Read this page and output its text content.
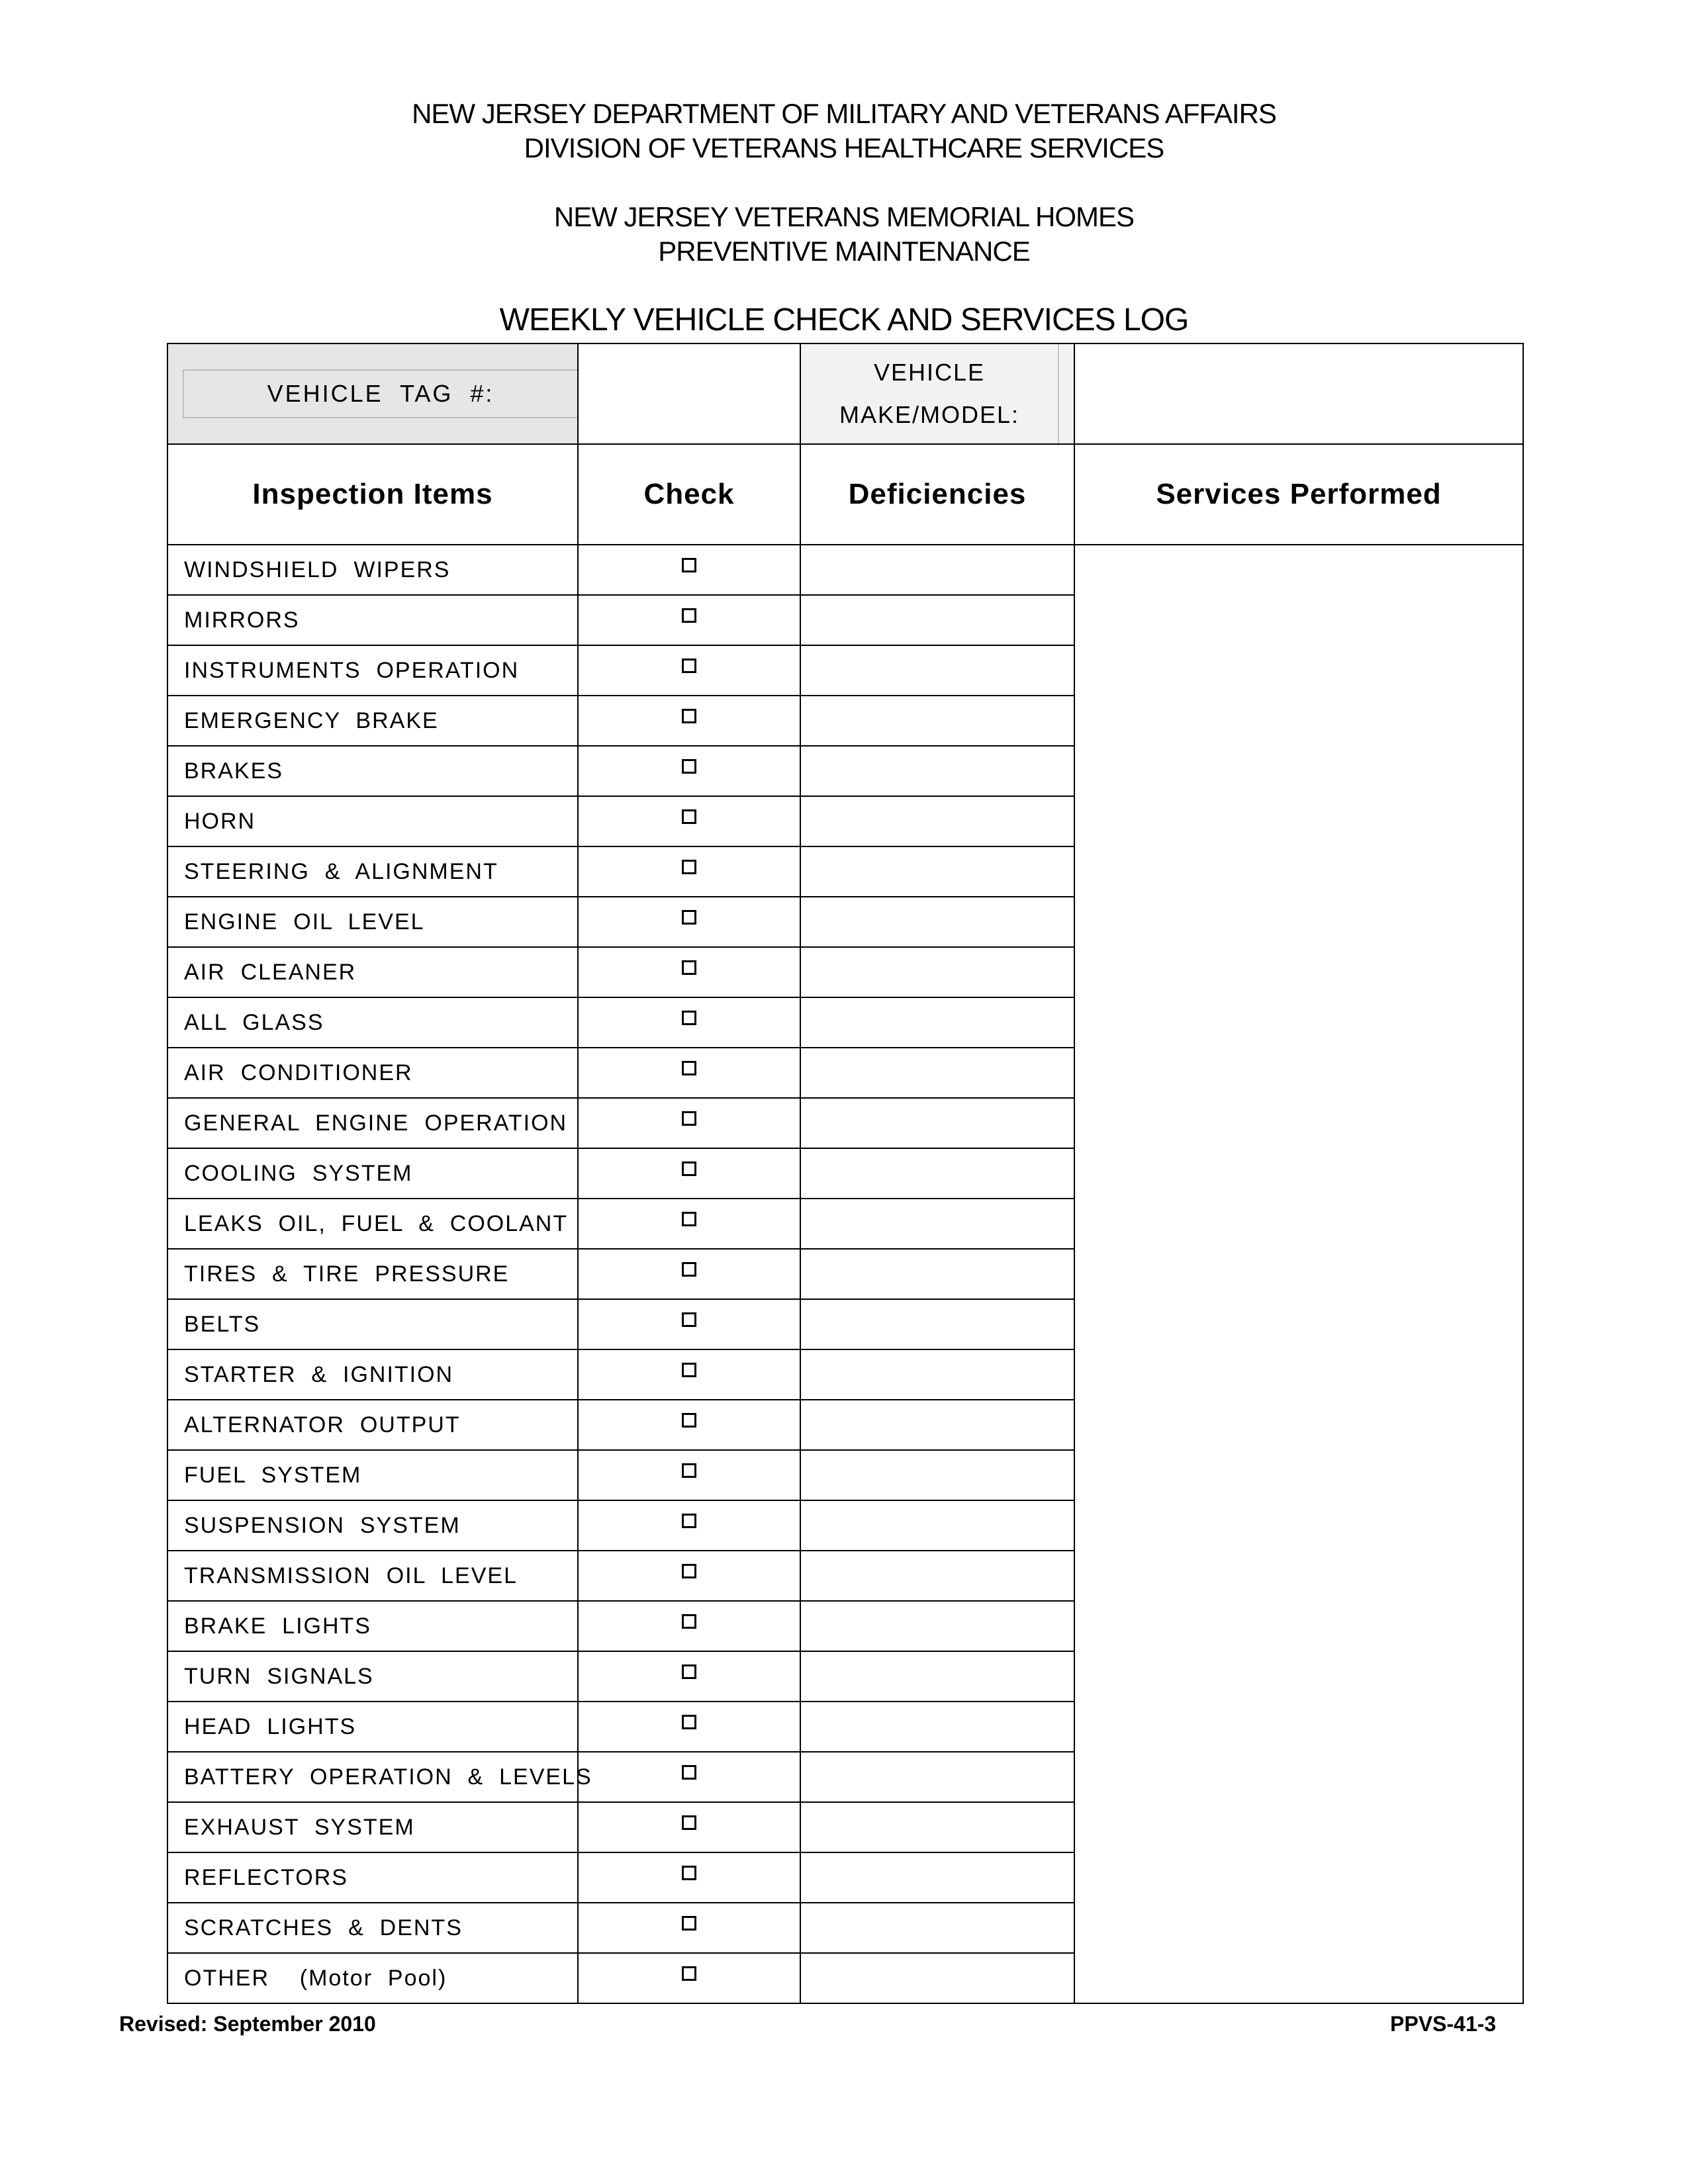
NEW JERSEY DEPARTMENT OF MILITARY AND VETERANS AFFAIRS
DIVISION OF VETERANS HEALTHCARE SERVICES
NEW JERSEY VETERANS MEMORIAL HOMES
PREVENTIVE MAINTENANCE
WEEKLY VEHICLE CHECK AND SERVICES LOG
VEHICLE  TAG  #:		VEHICLE
MAKE/MODEL:	

Inspection Items	Check	Deficiencies	Services Performed
WINDSHIELD  WIPERS			
MIRRORS			
INSTRUMENTS  OPERATION			
EMERGENCY  BRAKE			
BRAKES			
HORN			
STEERING  &  ALIGNMENT			
ENGINE  OIL  LEVEL			
AIR  CLEANER			
ALL  GLASS			
AIR  CONDITIONER			
GENERAL  ENGINE  OPERATION			
COOLING  SYSTEM			
LEAKS  OIL,  FUEL  &  COOLANT			
TIRES  &  TIRE  PRESSURE			
BELTS			
STARTER  &  IGNITION			
ALTERNATOR  OUTPUT			
FUEL  SYSTEM			
SUSPENSION  SYSTEM			
TRANSMISSION  OIL  LEVEL			
BRAKE  LIGHTS			
TURN  SIGNALS			
HEAD  LIGHTS			
BATTERY  OPERATION  &  LEVELS			
EXHAUST  SYSTEM			
REFLECTORS			
SCRATCHES  &  DENTS			
OTHER    (Motor  Pool)			
Revised: September 2010	PPVS-41-3
